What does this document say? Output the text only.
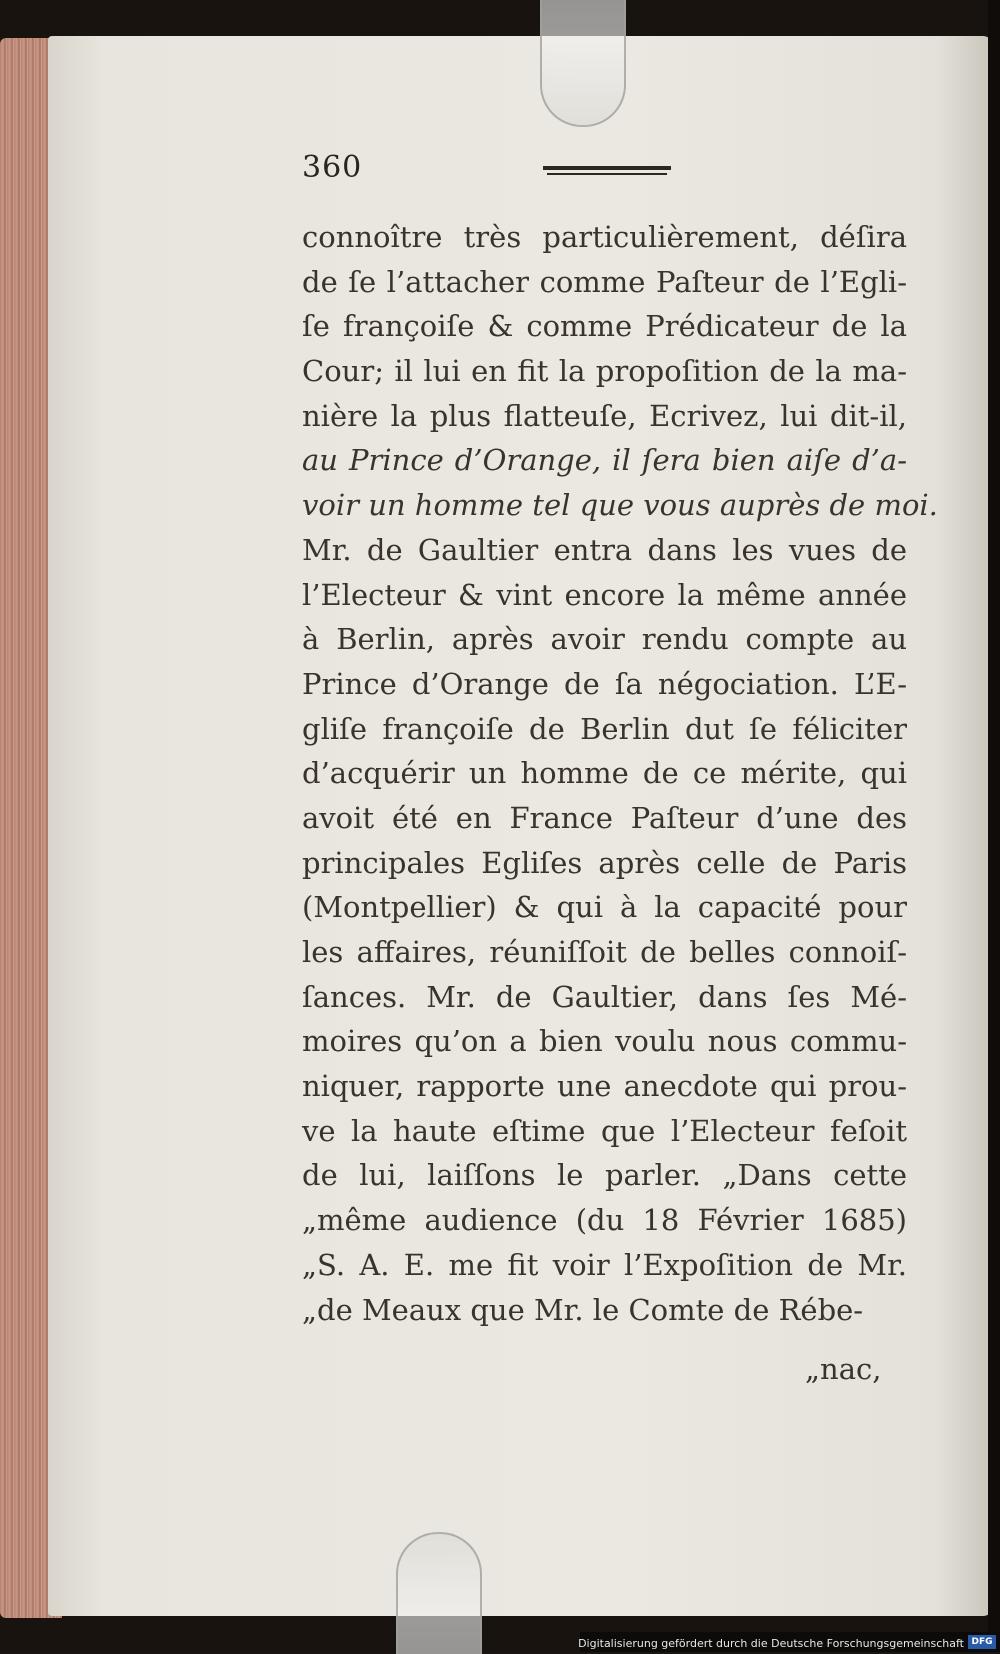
360
connoître très particulièrement, déſira
de ſe l’attacher comme Paſteur de l’Egli-
ſe françoiſe & comme Prédicateur de la
Cour; il lui en fit la propoſition de la ma-
nière la plus flatteuſe, Ecrivez, lui dit-il,
au Prince d’Orange, il ſera bien aiſe d’a-
voir un homme tel que vous auprès de moi.
Mr. de Gaultier entra dans les vues de
l’Electeur & vint encore la même année
à Berlin, après avoir rendu compte au
Prince d’Orange de ſa négociation. L’E-
gliſe françoiſe de Berlin dut ſe féliciter
d’acquérir un homme de ce mérite, qui
avoit été en France Paſteur d’une des
principales Egliſes après celle de Paris
(Montpellier) & qui à la capacité pour
les affaires, réuniſſoit de belles connoiſ-
ſances. Mr. de Gaultier, dans ſes Mé-
moires qu’on a bien voulu nous commu-
niquer, rapporte une anecdote qui prou-
ve la haute eſtime que l’Electeur feſoit
de lui, laiſſons le parler. „Dans cette
„même audience (du 18 Février 1685)
„S. A. E. me fit voir l’Expoſition de Mr.
„de Meaux que Mr. le Comte de Rébe-
„nac,
Digitalisierung gefördert durch die Deutsche Forschungsgemeinschaft DFG
